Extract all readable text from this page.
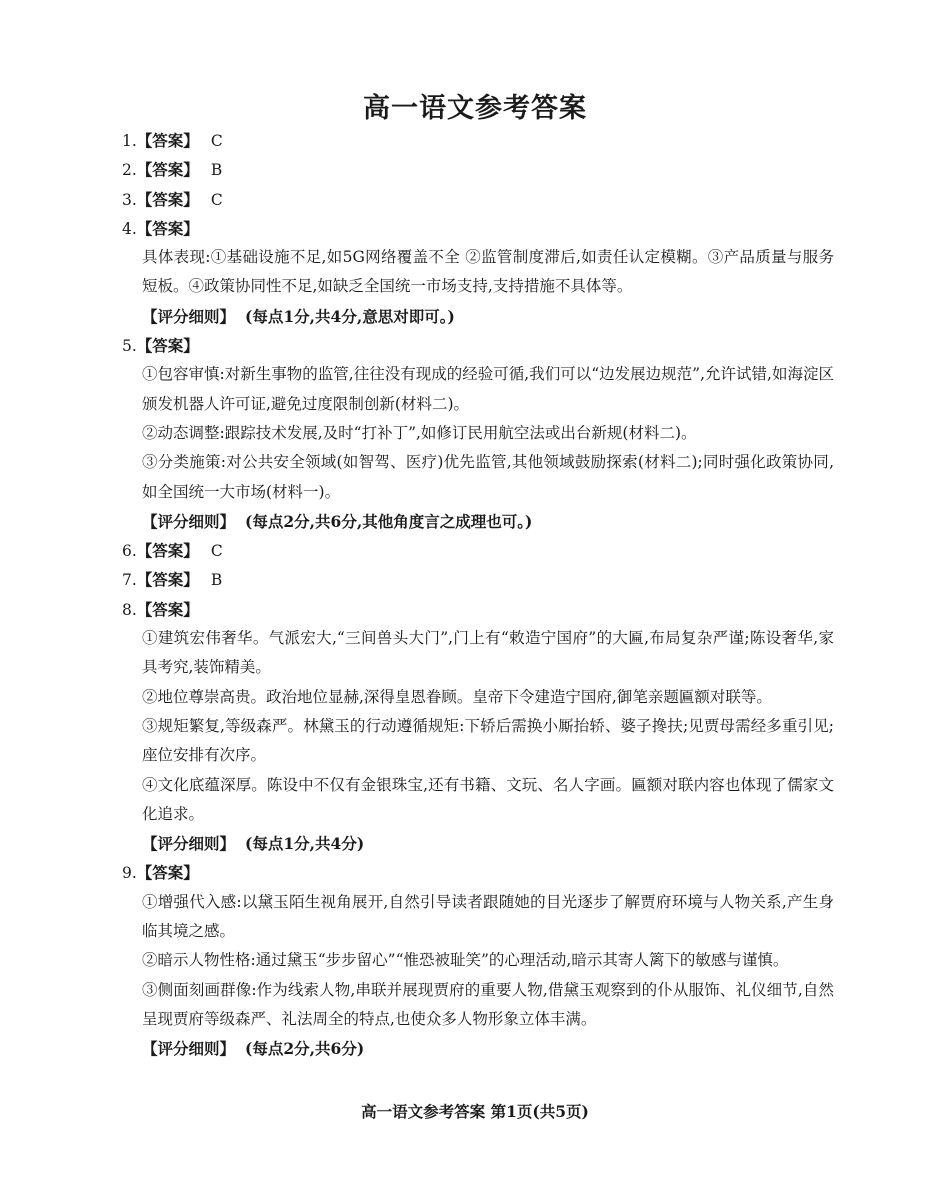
高一语文参考答案
1.【答案】 C
2.【答案】 B
3.【答案】 C
4.【答案】
具体表现:①基础设施不足,如5G网络覆盖不全 ②监管制度滞后,如责任认定模糊。③产品质量与服务短板。④政策协同性不足,如缺乏全国统一市场支持,支持措施不具体等。
【评分细则】 (每点1分,共4分,意思对即可。)
5.【答案】
①包容审慎:对新生事物的监管,往往没有现成的经验可循,我们可以“边发展边规范”,允许试错,如海淀区颁发机器人许可证,避免过度限制创新(材料二)。
②动态调整:跟踪技术发展,及时“打补丁”,如修订民用航空法或出台新规(材料二)。
③分类施策:对公共安全领域(如智驾、医疗)优先监管,其他领域鼓励探索(材料二);同时强化政策协同,如全国统一大市场(材料一)。
【评分细则】 (每点2分,共6分,其他角度言之成理也可。)
6.【答案】 C
7.【答案】 B
8.【答案】
①建筑宏伟奢华。气派宏大,“三间兽头大门”,门上有“敕造宁国府”的大匾,布局复杂严谨;陈设奢华,家具考究,装饰精美。
②地位尊崇高贵。政治地位显赫,深得皇恩眷顾。皇帝下令建造宁国府,御笔亲题匾额对联等。
③规矩繁复,等级森严。林黛玉的行动遵循规矩:下轿后需换小厮抬轿、婆子搀扶;见贾母需经多重引见;座位安排有次序。
④文化底蕴深厚。陈设中不仅有金银珠宝,还有书籍、文玩、名人字画。匾额对联内容也体现了儒家文化追求。
【评分细则】 (每点1分,共4分)
9.【答案】
①增强代入感:以黛玉陌生视角展开,自然引导读者跟随她的目光逐步了解贾府环境与人物关系,产生身临其境之感。
②暗示人物性格:通过黛玉“步步留心”“惟恐被耻笑”的心理活动,暗示其寄人篱下的敏感与谨慎。
③侧面刻画群像:作为线索人物,串联并展现贾府的重要人物,借黛玉观察到的仆从服饰、礼仪细节,自然呈现贾府等级森严、礼法周全的特点,也使众多人物形象立体丰满。
【评分细则】 (每点2分,共6分)
高一语文参考答案 第1页(共5页)
